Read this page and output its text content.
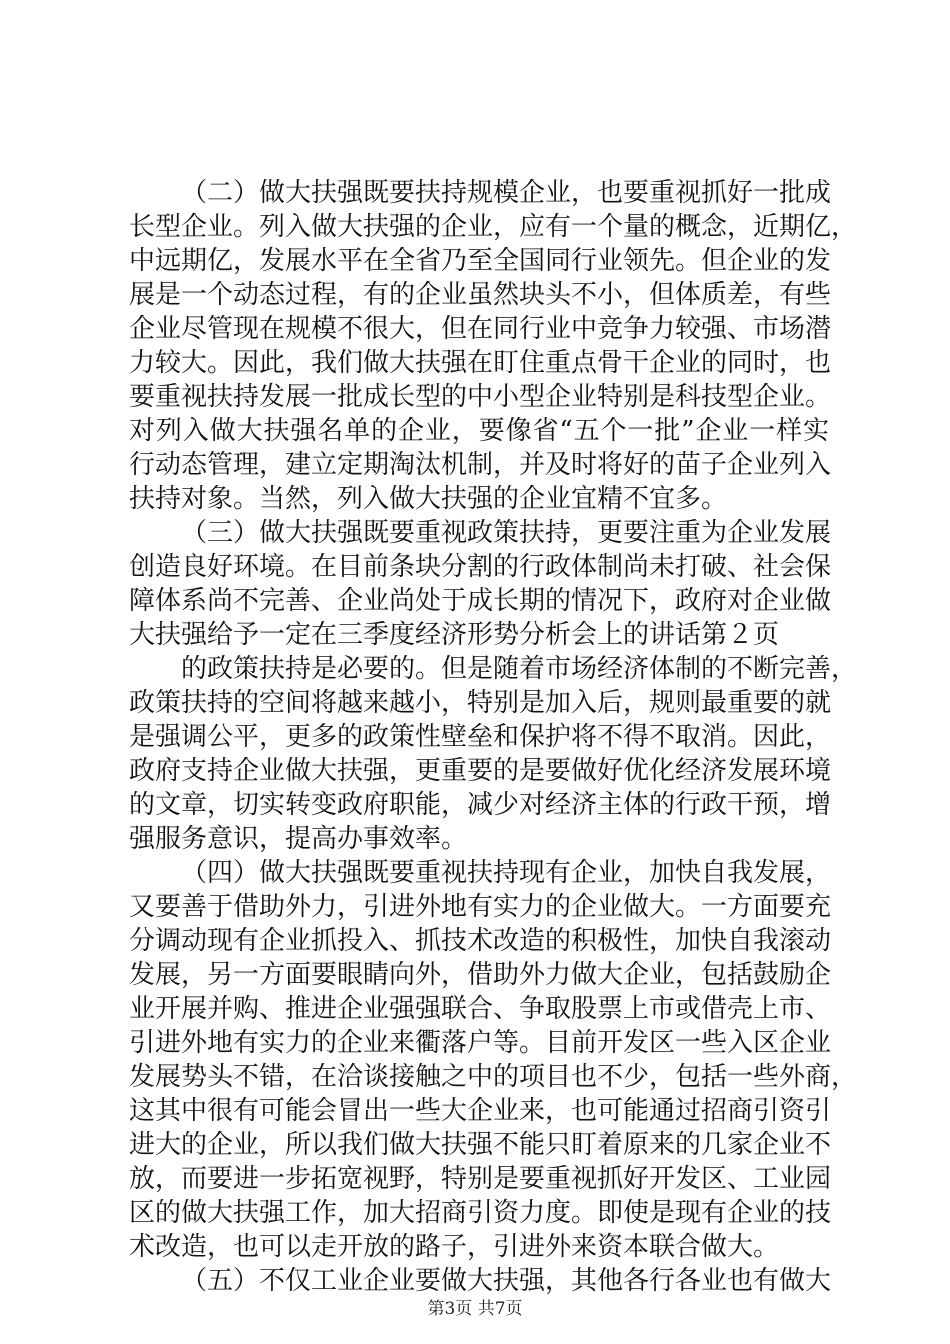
（二）做大扶强既要扶持规模企业，也要重视抓好一批成
长型企业。列入做大扶强的企业，应有一个量的概念，近期亿，
中远期亿，发展水平在全省乃至全国同行业领先。但企业的发
展是一个动态过程，有的企业虽然块头不小，但体质差，有些
企业尽管现在规模不很大，但在同行业中竞争力较强、市场潜
力较大。因此，我们做大扶强在盯住重点骨干企业的同时，也
要重视扶持发展一批成长型的中小型企业特别是科技型企业。
对列入做大扶强名单的企业，要像省“五个一批”企业一样实
行动态管理，建立定期淘汰机制，并及时将好的苗子企业列入
扶持对象。当然，列入做大扶强的企业宜精不宜多。
（三）做大扶强既要重视政策扶持，更要注重为企业发展
创造良好环境。在目前条块分割的行政体制尚未打破、社会保
障体系尚不完善、企业尚处于成长期的情况下，政府对企业做
大扶强给予一定在三季度经济形势分析会上的讲话第２页
的政策扶持是必要的。但是随着市场经济体制的不断完善，
政策扶持的空间将越来越小，特别是加入后，规则最重要的就
是强调公平，更多的政策性壁垒和保护将不得不取消。因此，
政府支持企业做大扶强，更重要的是要做好优化经济发展环境
的文章，切实转变政府职能，减少对经济主体的行政干预，增
强服务意识，提高办事效率。
（四）做大扶强既要重视扶持现有企业，加快自我发展，
又要善于借助外力，引进外地有实力的企业做大。一方面要充
分调动现有企业抓投入、抓技术改造的积极性，加快自我滚动
发展，另一方面要眼睛向外，借助外力做大企业，包括鼓励企
业开展并购、推进企业强强联合、争取股票上市或借壳上市、
引进外地有实力的企业来衢落户等。目前开发区一些入区企业
发展势头不错，在洽谈接触之中的项目也不少，包括一些外商，
这其中很有可能会冒出一些大企业来，也可能通过招商引资引
进大的企业，所以我们做大扶强不能只盯着原来的几家企业不
放，而要进一步拓宽视野，特别是要重视抓好开发区、工业园
区的做大扶强工作，加大招商引资力度。即使是现有企业的技
术改造，也可以走开放的路子，引进外来资本联合做大。
（五）不仅工业企业要做大扶强，其他各行各业也有做大
第3页 共7页
